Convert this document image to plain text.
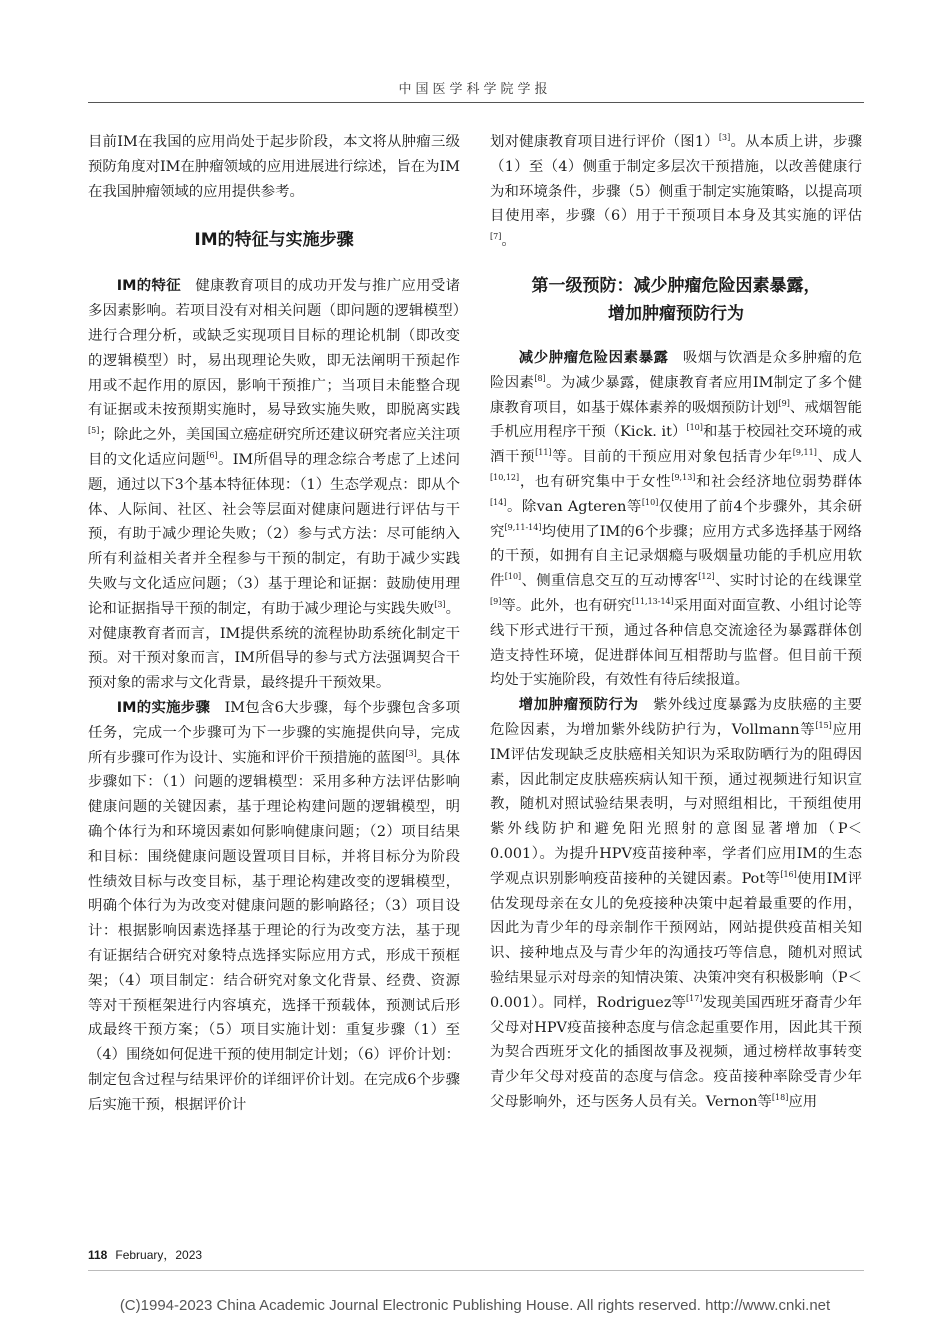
中国医学科学院学报

目前IM在我国的应用尚处于起步阶段，本文将从肿瘤三级预防角度对IM在肿瘤领域的应用进展进行综述，旨在为IM在我国肿瘤领域的应用提供参考。

IM的特征与实施步骤

IM的特征 健康教育项目的成功开发与推广应用受诸多因素影响。若项目没有对相关问题（即问题的逻辑模型）进行合理分析，或缺乏实现项目目标的理论机制（即改变的逻辑模型）时，易出现理论失败，即无法阐明干预起作用或不起作用的原因，影响干预推广；当项目未能整合现有证据或未按预期实施时，易导致实施失败，即脱离实践[5]；除此之外，美国国立癌症研究所还建议研究者应关注项目的文化适应问题[6]。IM所倡导的理念综合考虑了上述问题，通过以下3个基本特征体现：（1）生态学观点：即从个体、人际间、社区、社会等层面对健康问题进行评估与干预，有助于减少理论失败；（2）参与式方法：尽可能纳入所有利益相关者并全程参与干预的制定，有助于减少实践失败与文化适应问题；（3）基于理论和证据：鼓励使用理论和证据指导干预的制定，有助于减少理论与实践失败[3]。对健康教育者而言，IM提供系统的流程协助系统化制定干预。对干预对象而言，IM所倡导的参与式方法强调契合干预对象的需求与文化背景，最终提升干预效果。

IM的实施步骤 IM包含6大步骤，每个步骤包含多项任务，完成一个步骤可为下一步骤的实施提供向导，完成所有步骤可作为设计、实施和评价干预措施的蓝图[3]。具体步骤如下：（1）问题的逻辑模型：采用多种方法评估影响健康问题的关键因素，基于理论构建问题的逻辑模型，明确个体行为和环境因素如何影响健康问题；（2）项目结果和目标：围绕健康问题设置项目目标，并将目标分为阶段性绩效目标与改变目标，基于理论构建改变的逻辑模型，明确个体行为为改变对健康问题的影响路径；（3）项目设计：根据影响因素选择基于理论的行为改变方法，基于现有证据结合研究对象特点选择实际应用方式，形成干预框架；（4）项目制定：结合研究对象文化背景、经费、资源等对干预框架进行内容填充，选择干预载体，预测试后形成最终干预方案；（5）项目实施计划：重复步骤（1）至（4）围绕如何促进干预的使用制定计划；（6）评价计划：制定包含过程与结果评价的详细评价计划。在完成6个步骤后实施干预，根据评价计

划对健康教育项目进行评价（图1）[3]。从本质上讲，步骤（1）至（4）侧重于制定多层次干预措施，以改善健康行为和环境条件，步骤（5）侧重于制定实施策略，以提高项目使用率，步骤（6）用于干预项目本身及其实施的评估[7]。

第一级预防：减少肿瘤危险因素暴露，
增加肿瘤预防行为

减少肿瘤危险因素暴露 吸烟与饮酒是众多肿瘤的危险因素[8]。为减少暴露，健康教育者应用IM制定了多个健康教育项目，如基于媒体素养的吸烟预防计划[9]、戒烟智能手机应用程序干预（Kick. it）[10]和基于校园社交环境的戒酒干预[11]等。目前的干预应用对象包括青少年[9,11]、成人[10,12]，也有研究集中于女性[9,13]和社会经济地位弱势群体[14]。除van Agteren等[10]仅使用了前4个步骤外，其余研究[9,11-14]均使用了IM的6个步骤；应用方式多选择基于网络的干预，如拥有自主记录烟瘾与吸烟量功能的手机应用软件[10]、侧重信息交互的互动博客[12]、实时讨论的在线课堂[9]等。此外，也有研究[11,13-14]采用面对面宣教、小组讨论等线下形式进行干预，通过各种信息交流途径为暴露群体创造支持性环境，促进群体间互相帮助与监督。但目前干预均处于实施阶段，有效性有待后续报道。

增加肿瘤预防行为 紫外线过度暴露为皮肤癌的主要危险因素，为增加紫外线防护行为，Vollmann等[15]应用IM评估发现缺乏皮肤癌相关知识为采取防晒行为的阻碍因素，因此制定皮肤癌疾病认知干预，通过视频进行知识宣教，随机对照试验结果表明，与对照组相比，干预组使用紫外线防护和避免阳光照射的意图显著增加（P＜0.001）。为提升HPV疫苗接种率，学者们应用IM的生态学观点识别影响疫苗接种的关键因素。Pot等[16]使用IM评估发现母亲在女儿的免疫接种决策中起着最重要的作用，因此为青少年的母亲制作干预网站，网站提供疫苗相关知识、接种地点及与青少年的沟通技巧等信息，随机对照试验结果显示对母亲的知情决策、决策冲突有积极影响（P＜0.001）。同样，Rodriguez等[17]发现美国西班牙裔青少年父母对HPV疫苗接种态度与信念起重要作用，因此其干预为契合西班牙文化的插图故事及视频，通过榜样故事转变青少年父母对疫苗的态度与信念。疫苗接种率除受青少年父母影响外，还与医务人员有关。Vernon等[18]应用

118 February，2023
(C)1994-2023 China Academic Journal Electronic Publishing House. All rights reserved. http://www.cnki.net
